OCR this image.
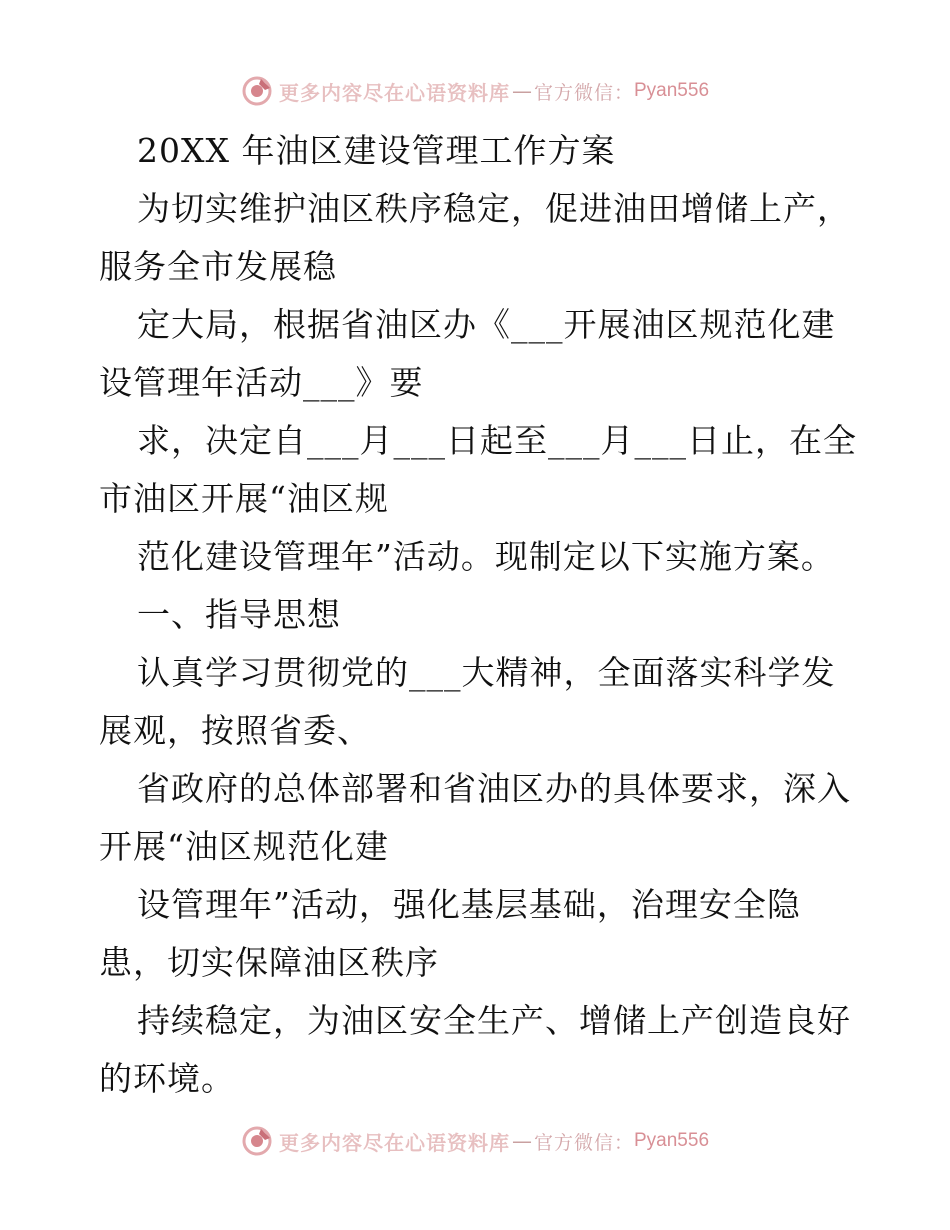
更多内容尽在心语资料库 — 官方微信： Pyan556
20XX 年油区建设管理工作方案
为切实维护油区秩序稳定，促进油田增储上产，
服务全市发展稳
定大局，根据省油区办《___开展油区规范化建
设管理年活动___》要
求，决定自___月___日起至___月___日止，在全
市油区开展“油区规
范化建设管理年”活动。现制定以下实施方案。
一、指导思想
认真学习贯彻党的___大精神，全面落实科学发
展观，按照省委、
省政府的总体部署和省油区办的具体要求，深入
开展“油区规范化建
设管理年”活动，强化基层基础，治理安全隐
患，切实保障油区秩序
持续稳定，为油区安全生产、增储上产创造良好
的环境。
更多内容尽在心语资料库 — 官方微信： Pyan556
